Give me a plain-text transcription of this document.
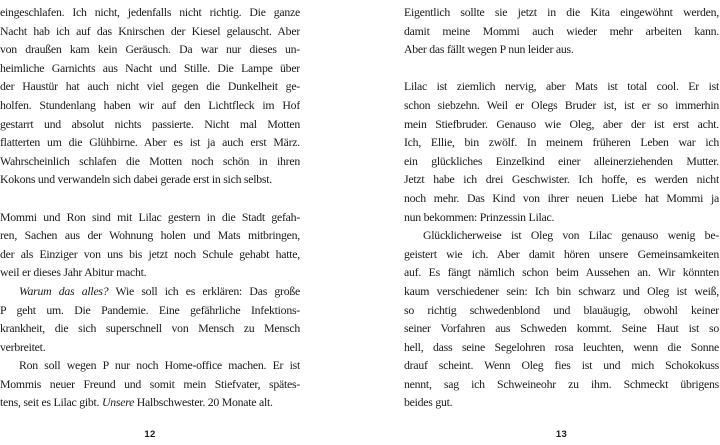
eingeschlafen. Ich nicht, jedenfalls nicht richtig. Die ganze
Nacht hab ich auf das Knirschen der Kiesel gelauscht. Aber
von draußen kam kein Geräusch. Da war nur dieses un-
heimliche Garnichts aus Nacht und Stille. Die Lampe über
der Haustür hat auch nicht viel gegen die Dunkelheit ge-
holfen. Stundenlang haben wir auf den Lichtfleck im Hof
gestarrt und absolut nichts passierte. Nicht mal Motten
flatterten um die Glühbirne. Aber es ist ja auch erst März.
Wahrscheinlich schlafen die Motten noch schön in ihren
Kokons und verwandeln sich dabei gerade erst in sich selbst.
Mommi und Ron sind mit Lilac gestern in die Stadt gefah-
ren, Sachen aus der Wohnung holen und Mats mitbringen,
der als Einziger von uns bis jetzt noch Schule gehabt hatte,
weil er dieses Jahr Abitur macht.
Warum das alles? Wie soll ich es erklären: Das große
P geht um. Die Pandemie. Eine gefährliche Infektions-
krankheit, die sich superschnell von Mensch zu Mensch
verbreitet.
Ron soll wegen P nur noch Home-office machen. Er ist
Mommis neuer Freund und somit mein Stiefvater, spätes-
tens, seit es Lilac gibt. Unsere Halbschwester. 20 Monate alt.
Eigentlich sollte sie jetzt in die Kita eingewöhnt werden,
damit meine Mommi auch wieder mehr arbeiten kann.
Aber das fällt wegen P nun leider aus.
Lilac ist ziemlich nervig, aber Mats ist total cool. Er ist
schon siebzehn. Weil er Olegs Bruder ist, ist er so immerhin
mein Stiefbruder. Genauso wie Oleg, aber der ist erst acht.
Ich, Ellie, bin zwölf. In meinem früheren Leben war ich
ein glückliches Einzelkind einer alleinerziehenden Mutter.
Jetzt habe ich drei Geschwister. Ich hoffe, es werden nicht
noch mehr. Das Kind von ihrer neuen Liebe hat Mommi ja
nun bekommen: Prinzessin Lilac.
Glücklicherweise ist Oleg von Lilac genauso wenig be-
geistert wie ich. Aber damit hören unsere Gemeinsamkeiten
auf. Es fängt nämlich schon beim Aussehen an. Wir könnten
kaum verschiedener sein: Ich bin schwarz und Oleg ist weiß,
so richtig schwedenblond und blauäugig, obwohl keiner
seiner Vorfahren aus Schweden kommt. Seine Haut ist so
hell, dass seine Segelohren rosa leuchten, wenn die Sonne
drauf scheint. Wenn Oleg fies ist und mich Schokokuss
nennt, sag ich Schweineohr zu ihm. Schmeckt übrigens
beides gut.
12	13
